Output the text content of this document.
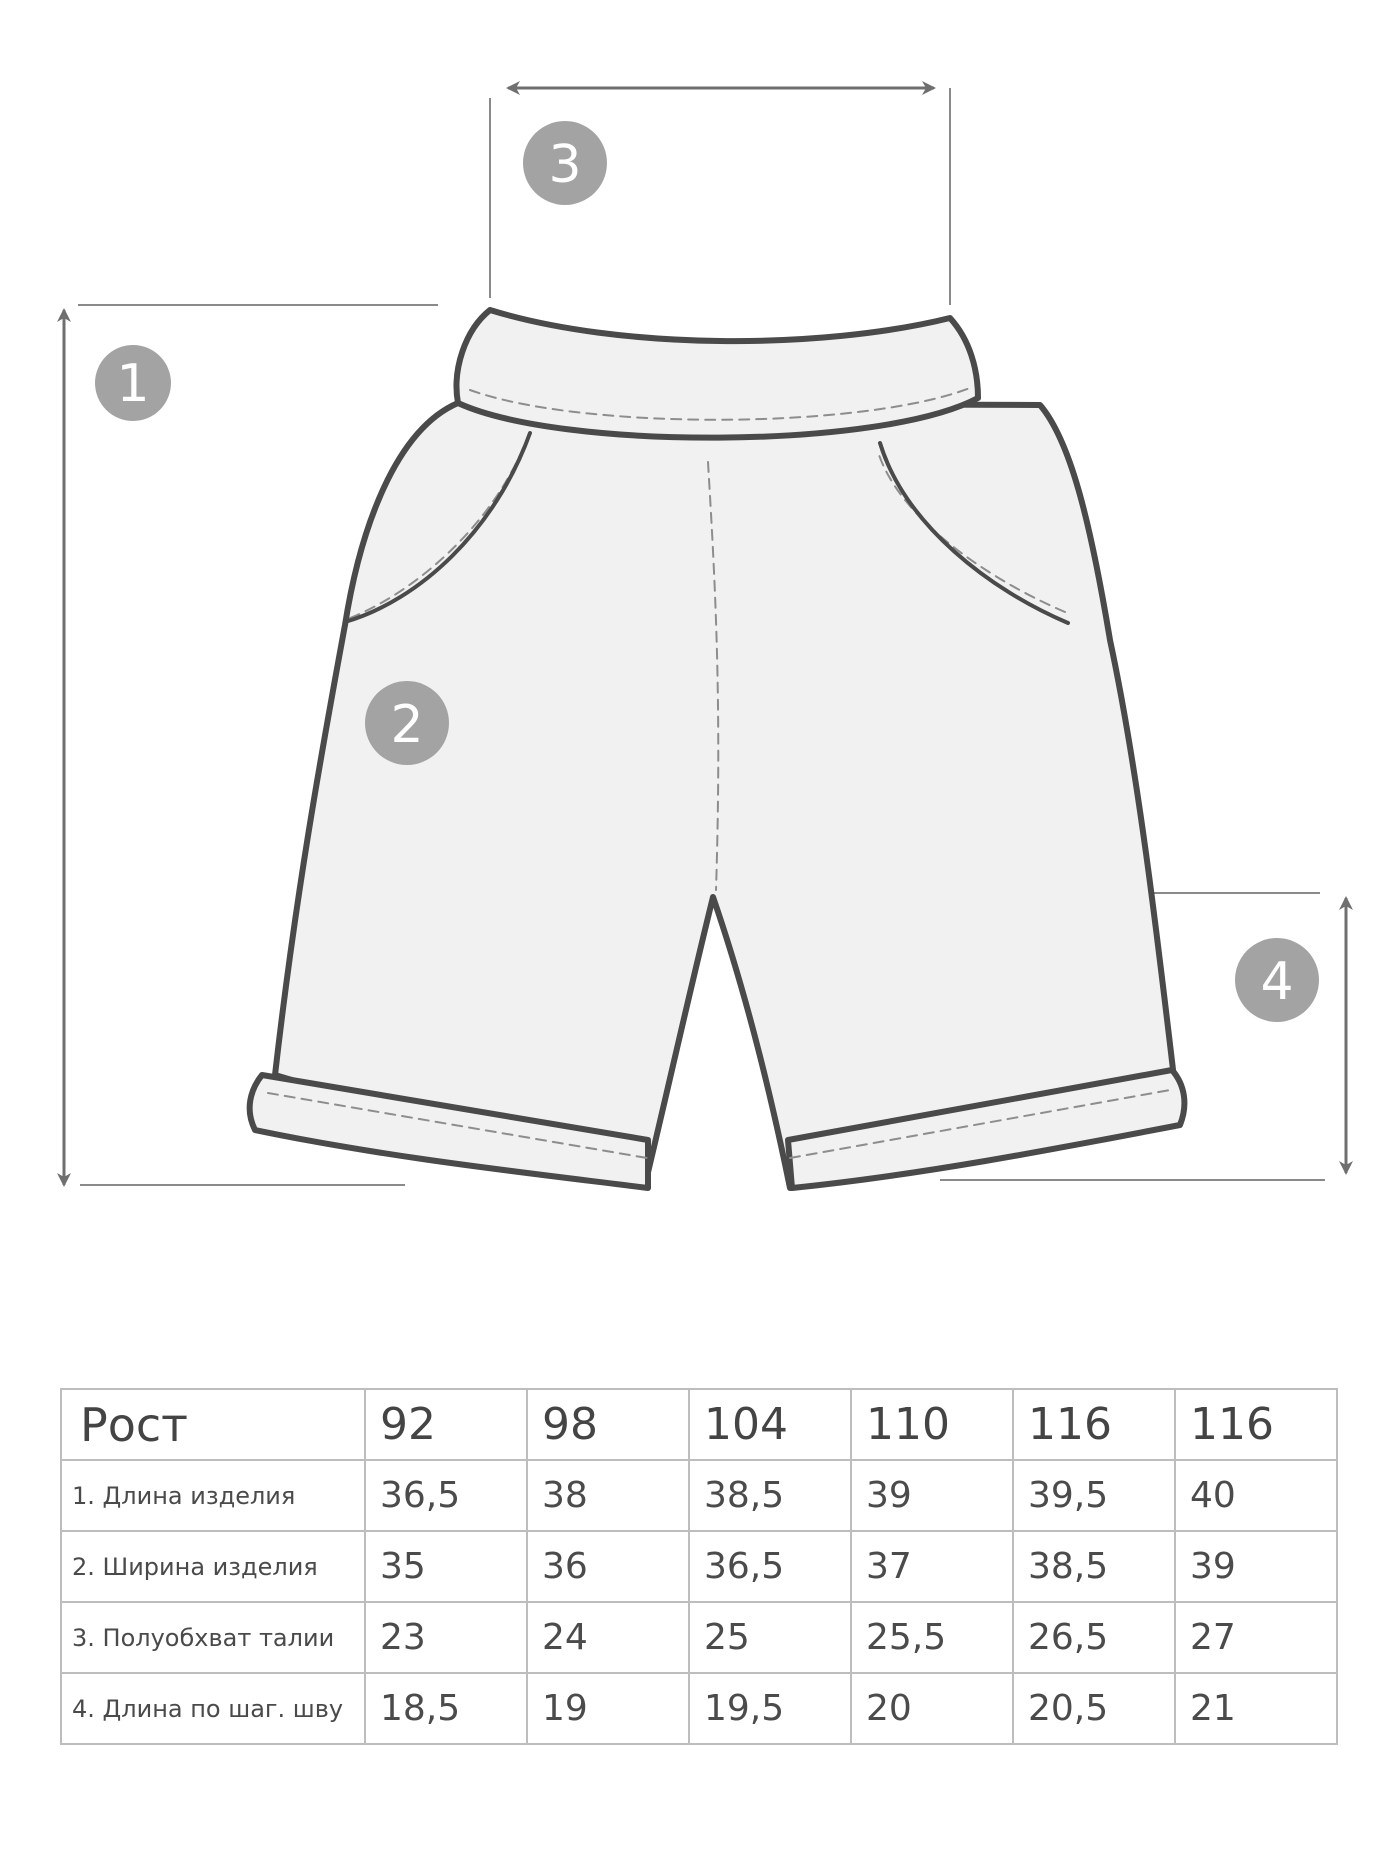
1
2
3
4
Рост	92	98	104	110	116	116
1. Длина изделия	36,5	38	38,5	39	39,5	40
2. Ширина изделия	35	36	36,5	37	38,5	39
3. Полуобхват талии	23	24	25	25,5	26,5	27
4. Длина по шаг. шву	18,5	19	19,5	20	20,5	21
